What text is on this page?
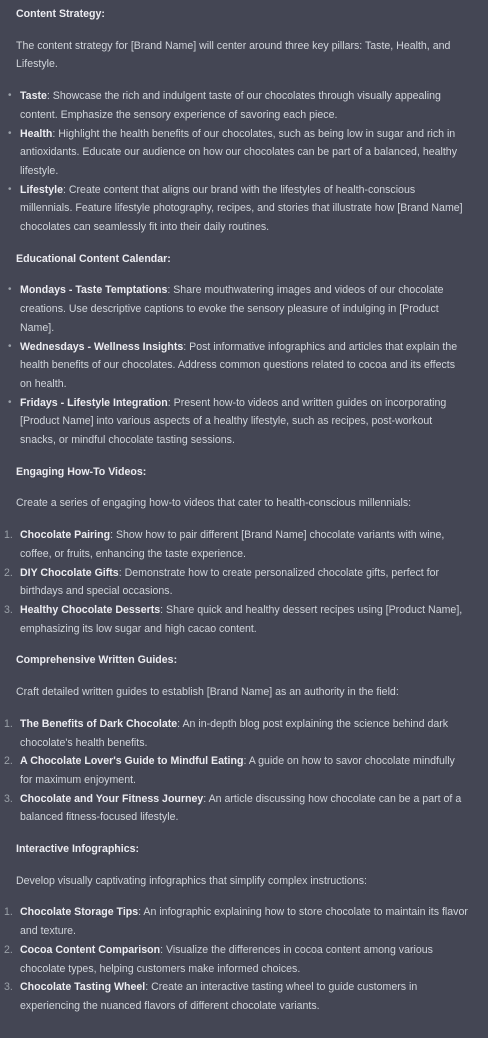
Content Strategy:

The content strategy for [Brand Name] will center around three key pillars: Taste, Health, and Lifestyle.

• Taste: Showcase the rich and indulgent taste of our chocolates through visually appealing content. Emphasize the sensory experience of savoring each piece.
• Health: Highlight the health benefits of our chocolates, such as being low in sugar and rich in antioxidants. Educate our audience on how our chocolates can be part of a balanced, healthy lifestyle.
• Lifestyle: Create content that aligns our brand with the lifestyles of health-conscious millennials. Feature lifestyle photography, recipes, and stories that illustrate how [Brand Name] chocolates can seamlessly fit into their daily routines.

Educational Content Calendar:

• Mondays - Taste Temptations: Share mouthwatering images and videos of our chocolate creations. Use descriptive captions to evoke the sensory pleasure of indulging in [Product Name].
• Wednesdays - Wellness Insights: Post informative infographics and articles that explain the health benefits of our chocolates. Address common questions related to cocoa and its effects on health.
• Fridays - Lifestyle Integration: Present how-to videos and written guides on incorporating [Product Name] into various aspects of a healthy lifestyle, such as recipes, post-workout snacks, or mindful chocolate tasting sessions.

Engaging How-To Videos:

Create a series of engaging how-to videos that cater to health-conscious millennials:

1. Chocolate Pairing: Show how to pair different [Brand Name] chocolate variants with wine, coffee, or fruits, enhancing the taste experience.
2. DIY Chocolate Gifts: Demonstrate how to create personalized chocolate gifts, perfect for birthdays and special occasions.
3. Healthy Chocolate Desserts: Share quick and healthy dessert recipes using [Product Name], emphasizing its low sugar and high cacao content.

Comprehensive Written Guides:

Craft detailed written guides to establish [Brand Name] as an authority in the field:

1. The Benefits of Dark Chocolate: An in-depth blog post explaining the science behind dark chocolate's health benefits.
2. A Chocolate Lover's Guide to Mindful Eating: A guide on how to savor chocolate mindfully for maximum enjoyment.
3. Chocolate and Your Fitness Journey: An article discussing how chocolate can be a part of a balanced fitness-focused lifestyle.

Interactive Infographics:

Develop visually captivating infographics that simplify complex instructions:

1. Chocolate Storage Tips: An infographic explaining how to store chocolate to maintain its flavor and texture.
2. Cocoa Content Comparison: Visualize the differences in cocoa content among various chocolate types, helping customers make informed choices.
3. Chocolate Tasting Wheel: Create an interactive tasting wheel to guide customers in experiencing the nuanced flavors of different chocolate variants.
